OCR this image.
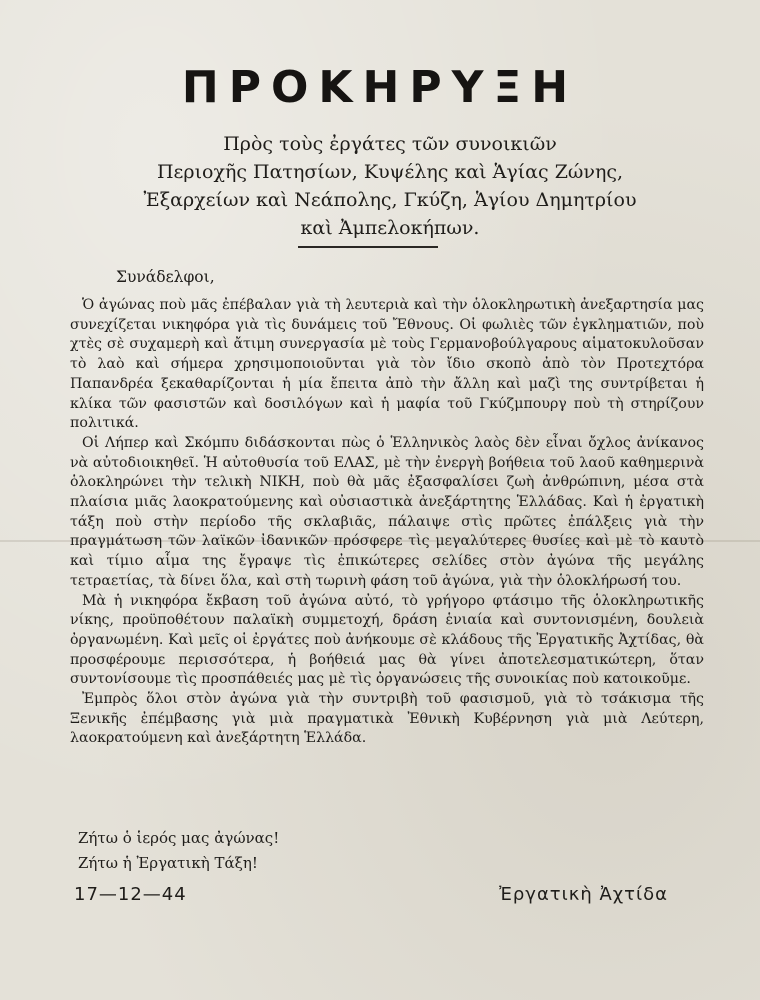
ΠΡΟΚΗΡΥΞΗ
Πρὸς τοὺς ἐργάτες τῶν συνοικιῶν
Περιοχῆς Πατησίων, Κυψέλης καὶ Ἁγίας Ζώνης,
Ἐξαρχείων καὶ Νεάπολης, Γκύζη, Ἁγίου Δημητρίου
καὶ Ἀμπελοκήπων.
Συνάδελφοι,

Ὁ ἀγώνας ποὺ μᾶς ἐπέβαλαν γιὰ τὴ λευτεριὰ καὶ τὴν ὁλοκληρωτικὴ ἀνεξαρτησία μας συνεχίζεται νικηφόρα γιὰ τὶς δυνάμεις τοῦ Ἔθνους. Οἱ φωλιὲς τῶν ἐγκληματιῶν, ποὺ χτὲς σὲ συχαμερὴ καὶ ἄτιμη συνεργασία μὲ τοὺς Γερμανοβούλγαρους αἱματοκυλοῦσαν τὸ λαὸ καὶ σήμερα χρησιμοποιοῦνται γιὰ τὸν ἴδιο σκοπὸ ἀπὸ τὸν Προτεχτόρα Παπανδρέα ξεκαθαρίζονται ἡ μία ἔπειτα ἀπὸ τὴν ἄλλη καὶ μαζὶ της συντρίβεται ἡ κλίκα τῶν φασιστῶν καὶ δοσιλόγων καὶ ἡ μαφία τοῦ Γκύζμπουργ ποὺ τὴ στηρίζουν πολιτικά.

Οἱ Λήπερ καὶ Σκόμπυ διδάσκονται πὼς ὁ Ἑλληνικὸς λαὸς δὲν εἶναι ὄχλος ἀνίκανος νὰ αὐτοδιοικηθεῖ. Ἡ αὐτοθυσία τοῦ ΕΛΑΣ, μὲ τὴν ἐνεργὴ βοήθεια τοῦ λαοῦ καθημερινὰ ὁλοκληρώνει τὴν τελικὴ ΝΙΚΗ, ποὺ θὰ μᾶς ἐξασφαλίσει ζωὴ ἀνθρώπινη, μέσα στὰ πλαίσια μιᾶς λαοκρατούμενης καὶ οὐσιαστικὰ ἀνεξάρτητης Ἑλλάδας. Καὶ ἡ ἐργατικὴ τάξη ποὺ στὴν περίοδο τῆς σκλαβιᾶς, πάλαιψε στὶς πρῶτες ἐπάλξεις γιὰ τὴν πραγμάτωση τῶν λαϊκῶν ἰδανικῶν πρόσφερε τὶς μεγαλύτερες θυσίες καὶ μὲ τὸ καυτὸ καὶ τίμιο αἷμα της ἔγραψε τὶς ἐπικώτερες σελίδες στὸν ἀγώνα τῆς μεγάλης τετραετίας, τὰ δίνει ὅλα, καὶ στὴ τωρινὴ φάση τοῦ ἀγώνα, γιὰ τὴν ὁλοκλήρωσή του.

Μὰ ἡ νικηφόρα ἔκβαση τοῦ ἀγώνα αὐτό, τὸ γρήγορο φτάσιμο τῆς ὁλοκληρωτικῆς νίκης, προϋποθέτουν παλαϊκὴ συμμετοχή, δράση ἑνιαία καὶ συντονισμένη, δουλειὰ ὀργανωμένη. Καὶ μεῖς οἱ ἐργάτες ποὺ ἀνήκουμε σὲ κλάδους τῆς Ἐργατικῆς Ἀχτίδας, θὰ προσφέρουμε περισσότερα, ἡ βοήθειά μας θὰ γίνει ἀποτελεσματικώτερη, ὅταν συντονίσουμε τὶς προσπάθειές μας μὲ τὶς ὀργανώσεις τῆς συνοικίας ποὺ κατοικοῦμε.

Ἐμπρὸς ὅλοι στὸν ἀγώνα γιὰ τὴν συντριβὴ τοῦ φασισμοῦ, γιὰ τὸ τσάκισμα τῆς Ξενικῆς ἐπέμβασης γιὰ μιὰ πραγματικὰ Ἐθνικὴ Κυβέρνηση γιὰ μιὰ Λεύτερη, λαοκρατούμενη καὶ ἀνεξάρτητη Ἑλλάδα.

Ζήτω ὁ ἱερός μας ἀγώνας!
Ζήτω ἡ Ἐργατικὴ Τάξη!
17—12—44	Ἐργατικὴ Ἀχτίδα
